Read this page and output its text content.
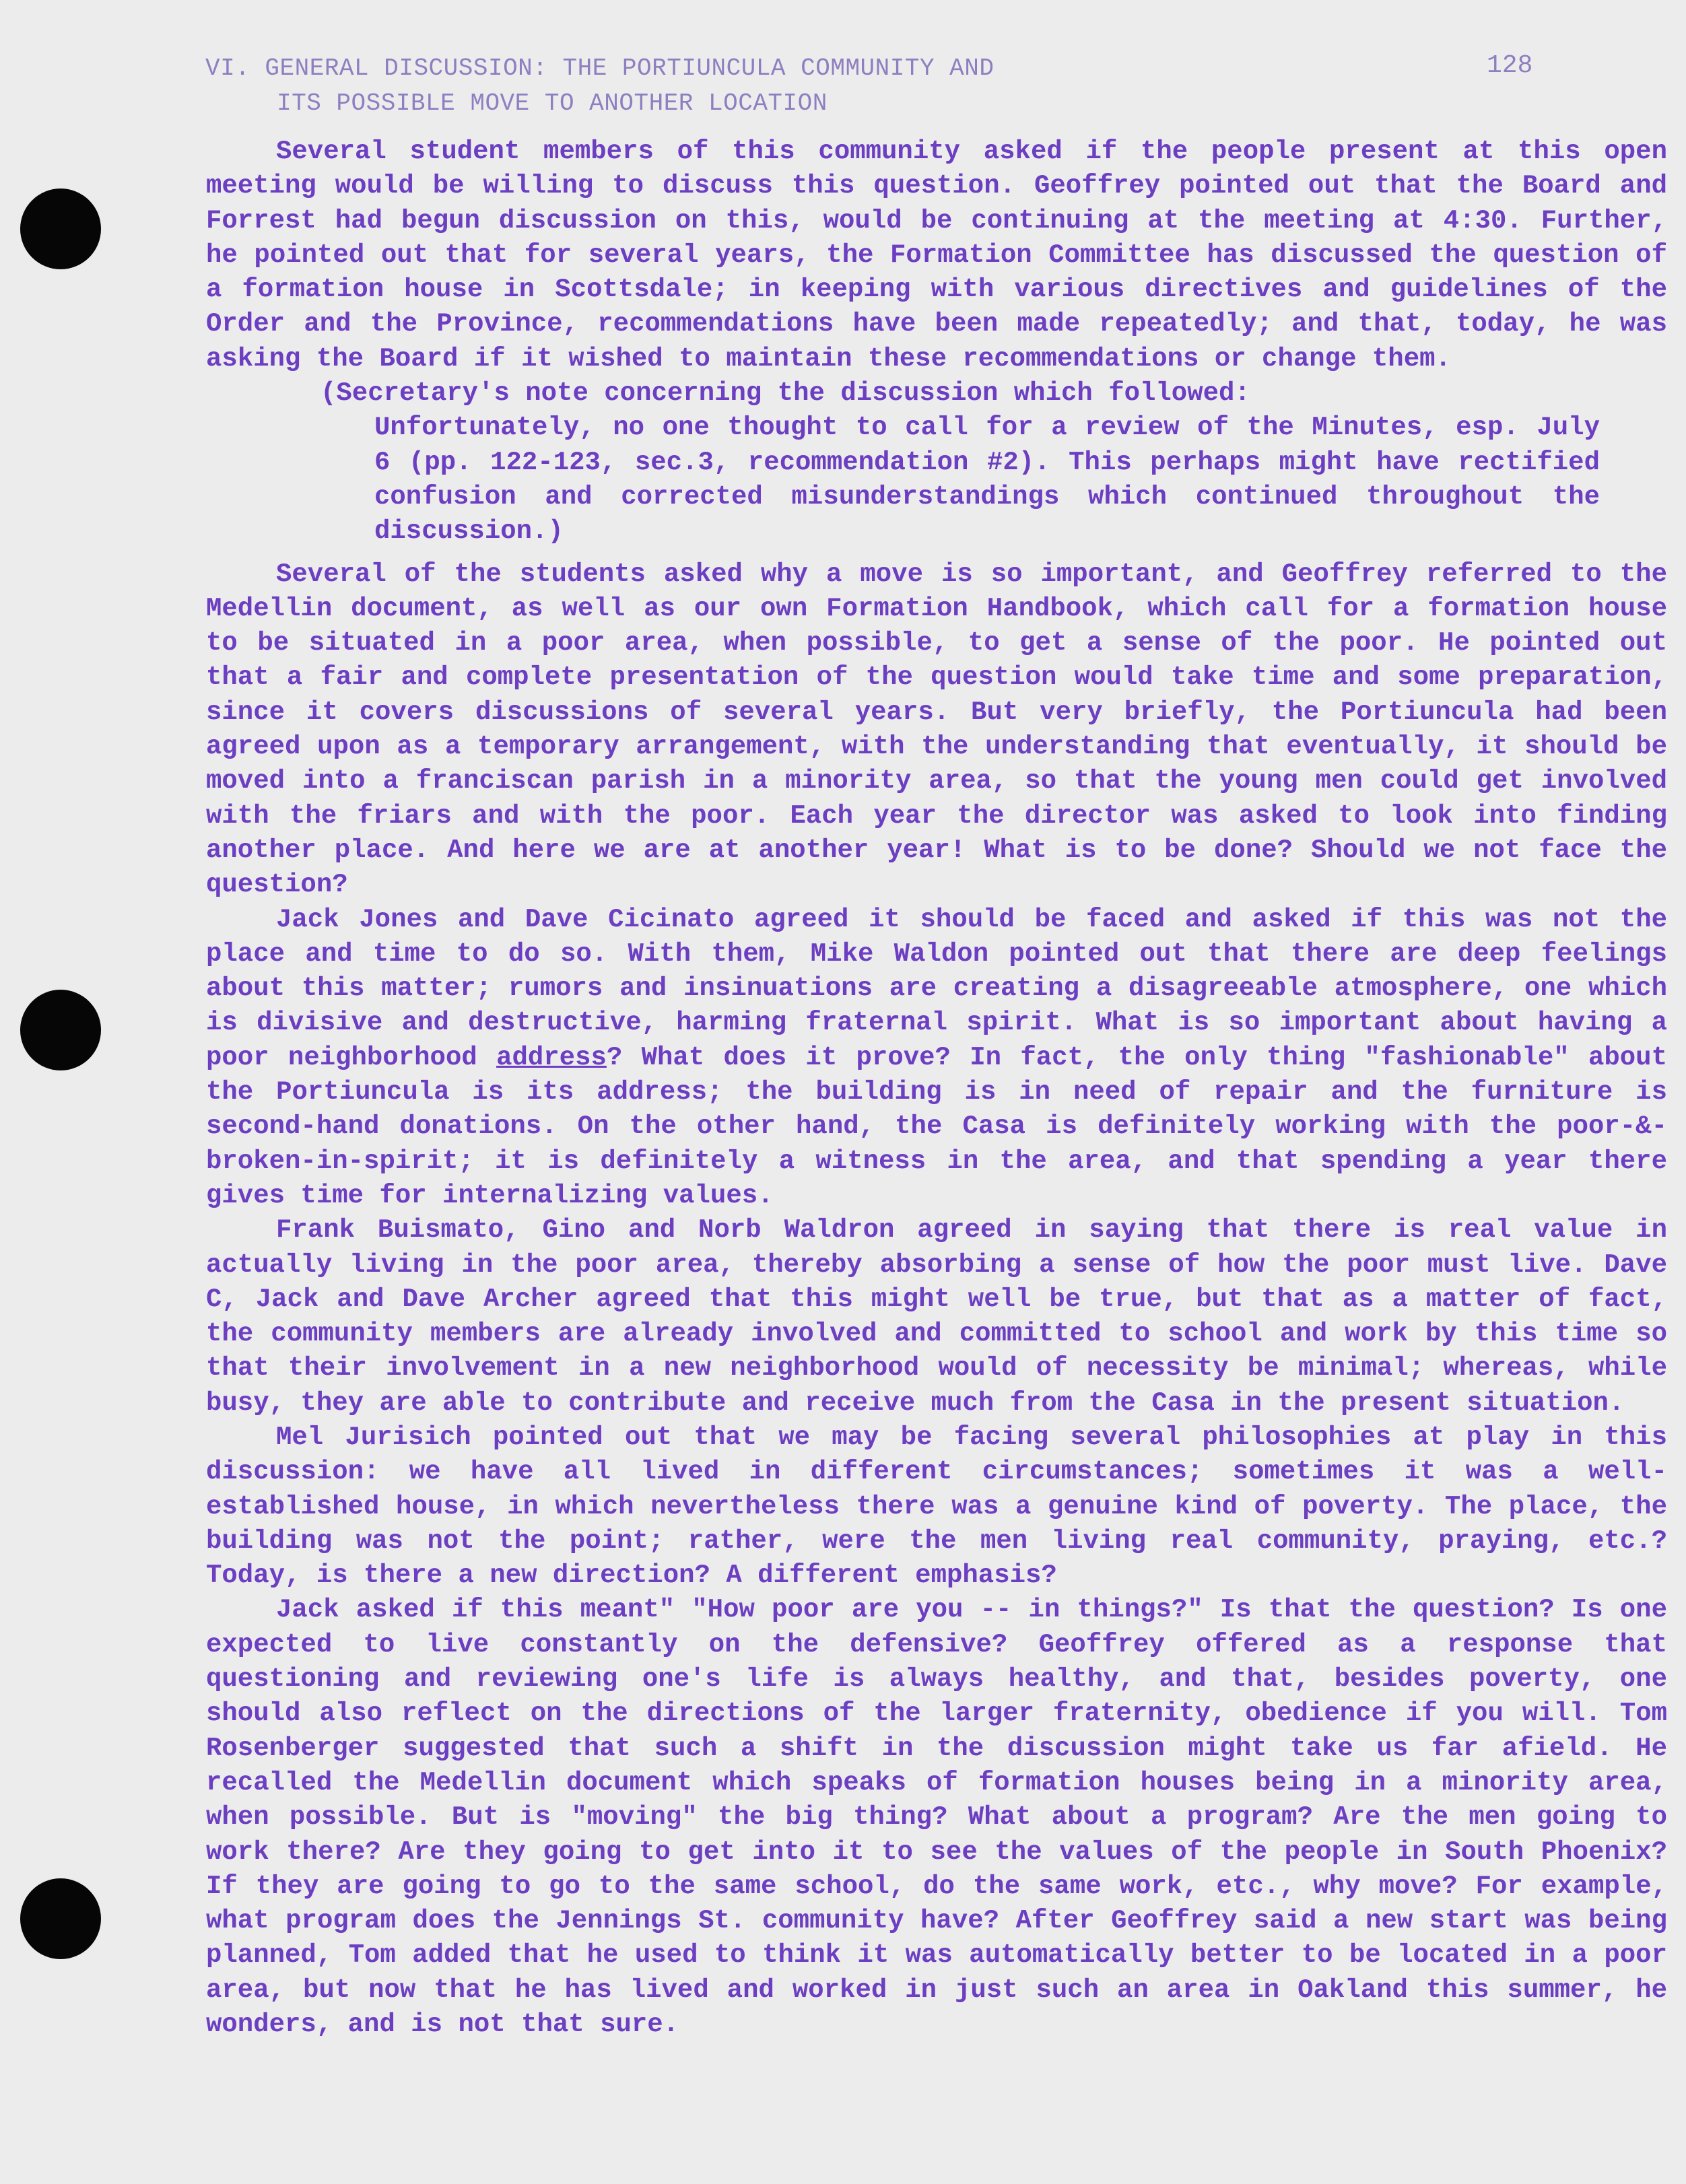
VI. GENERAL DISCUSSION: THE PORTIUNCULA COMMUNITY AND
ITS POSSIBLE MOVE TO ANOTHER LOCATION
128

Several student members of this community asked if the people present at this open meeting would be willing to discuss this question. Geoffrey pointed out that the Board and Forrest had begun discussion on this, would be continuing at the meeting at 4:30. Further, he pointed out that for several years, the Formation Committee has discussed the question of a formation house in Scottsdale; in keeping with various directives and guidelines of the Order and the Province, recommendations have been made repeatedly; and that, today, he was asking the Board if it wished to maintain these recommendations or change them.

(Secretary's note concerning the discussion which followed:
Unfortunately, no one thought to call for a review of the Minutes, esp. July 6 (pp. 122-123, sec.3, recommendation #2). This perhaps might have rectified confusion and corrected misunderstandings which continued throughout the discussion.)

Several of the students asked why a move is so important, and Geoffrey referred to the Medellin document, as well as our own Formation Handbook, which call for a formation house to be situated in a poor area, when possible, to get a sense of the poor. He pointed out that a fair and complete presentation of the question would take time and some preparation, since it covers discussions of several years. But very briefly, the Portiuncula had been agreed upon as a temporary arrangement, with the understanding that eventually, it should be moved into a franciscan parish in a minority area, so that the young men could get involved with the friars and with the poor. Each year the director was asked to look into finding another place. And here we are at another year! What is to be done? Should we not face the question?

Jack Jones and Dave Cicinato agreed it should be faced and asked if this was not the place and time to do so. With them, Mike Waldon pointed out that there are deep feelings about this matter; rumors and insinuations are creating a disagreeable atmosphere, one which is divisive and destructive, harming fraternal spirit. What is so important about having a poor neighborhood address? What does it prove? In fact, the only thing "fashionable" about the Portiuncula is its address; the building is in need of repair and the furniture is second-hand donations. On the other hand, the Casa is definitely working with the poor-&-broken-in-spirit; it is definitely a witness in the area, and that spending a year there gives time for internalizing values.

Frank Buismato, Gino and Norb Waldron agreed in saying that there is real value in actually living in the poor area, thereby absorbing a sense of how the poor must live. Dave C, Jack and Dave Archer agreed that this might well be true, but that as a matter of fact, the community members are already involved and committed to school and work by this time so that their involvement in a new neighborhood would of necessity be minimal; whereas, while busy, they are able to contribute and receive much from the Casa in the present situation.

Mel Jurisich pointed out that we may be facing several philosophies at play in this discussion: we have all lived in different circumstances; sometimes it was a well-established house, in which nevertheless there was a genuine kind of poverty. The place, the building was not the point; rather, were the men living real community, praying, etc.? Today, is there a new direction? A different emphasis?

Jack asked if this meant" "How poor are you -- in things?" Is that the question? Is one expected to live constantly on the defensive? Geoffrey offered as a response that questioning and reviewing one's life is always healthy, and that, besides poverty, one should also reflect on the directions of the larger fraternity, obedience if you will. Tom Rosenberger suggested that such a shift in the discussion might take us far afield. He recalled the Medellin document which speaks of formation houses being in a minority area, when possible. But is "moving" the big thing? What about a program? Are the men going to work there? Are they going to get into it to see the values of the people in South Phoenix? If they are going to go to the same school, do the same work, etc., why move? For example, what program does the Jennings St. community have? After Geoffrey said a new start was being planned, Tom added that he used to think it was automatically better to be located in a poor area, but now that he has lived and worked in just such an area in Oakland this summer, he wonders, and is not that sure.
